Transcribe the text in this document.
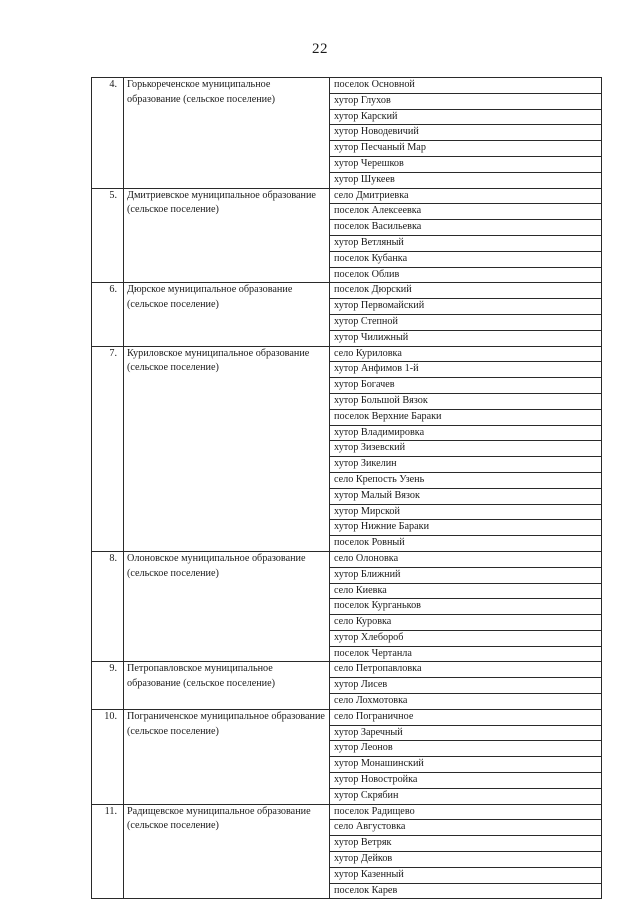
22
4.	Горькореченское муниципальное образование (сельское поселение)	поселок Основной
		хутор Глухов
		хутор Карский
		хутор Новодевичий
		хутор Песчаный Мар
		хутор Черешков
		хутор Шукеев
5.	Дмитриевское муниципальное образование (сельское поселение)	село Дмитриевка
		поселок Алексеевка
		поселок Васильевка
		хутор Ветляный
		поселок Кубанка
		поселок Облив
6.	Дюрское муниципальное образование (сельское поселение)	поселок Дюрский
		хутор Первомайский
		хутор Степной
		хутор Чилижный
7.	Куриловское муниципальное образование (сельское поселение)	село Куриловка
		хутор Анфимов 1-й
		хутор Богачев
		хутор Большой Вязок
		поселок Верхние Бараки
		хутор Владимировка
		хутор Зизевский
		хутор Зикелин
		село Крепость Узень
		хутор Малый Вязок
		хутор Мирской
		хутор Нижние Бараки
		поселок Ровный
8.	Олоновское муниципальное образование (сельское поселение)	село Олоновка
		хутор Ближний
		село Киевка
		поселок Курганьков
		село Куровка
		хутор Хлебороб
		поселок Чертанла
9.	Петропавловское муниципальное образование (сельское поселение)	село Петропавловка
		хутор Лисев
		село Лохмотовка
10.	Пограниченское муниципальное образование (сельское поселение)	село Пограничное
		хутор Заречный
		хутор Леонов
		хутор Монашинский
		хутор Новостройка
		хутор Скрябин
11.	Радищевское муниципальное образование (сельское поселение)	поселок Радищево
		село Августовка
		хутор Ветряк
		хутор Дейков
		хутор Казенный
		поселок Карев
